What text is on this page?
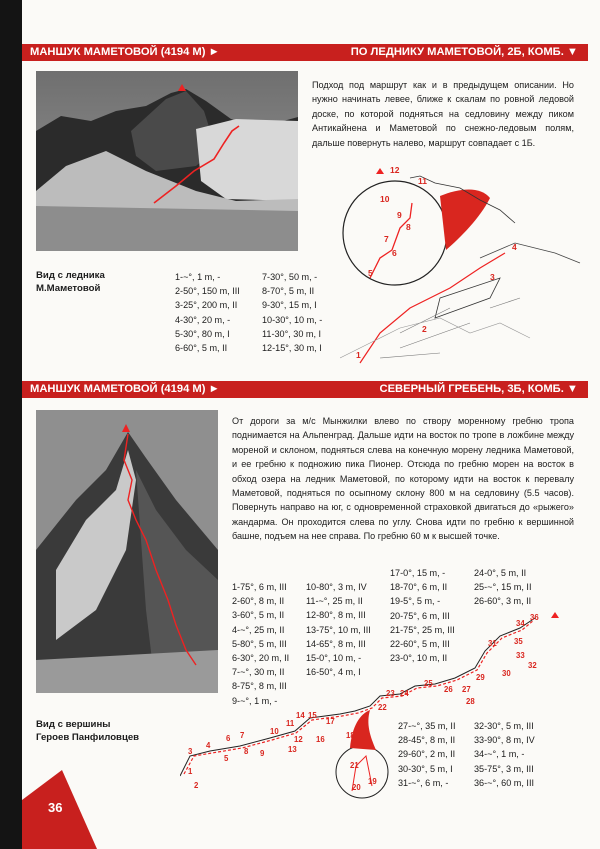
МАНШУК МАМЕТОВОЙ (4194 М) ►	ПО ЛЕДНИКУ МАМЕТОВОЙ, 2Б, КОМБ. ▼
Вид с ледника
М.Маметовой
Подход под маршрут как и в предыдущем описании. Но нужно начинать левее, ближе к скалам по ровной ледовой доске, по которой подняться на седловину между пиком Антикайнена и Маметовой по снежно-ледовым полям, дальше повернуть налево, маршрут совпадает с 1Б.
1-~°, 1 m, -
2-50°, 150 m, III
3-25°, 200 m, II
4-30°, 20 m, -
5-30°, 80 m, I
6-60°, 5 m, II
7-30°, 50 m, -
8-70°, 5 m, II
9-30°, 15 m, I
10-30°, 10 m, -
11-30°, 30 m, I
12-15°, 30 m, I
1
2
3
4
5
6
7
8
9
10
11
12
МАНШУК МАМЕТОВОЙ (4194 М) ►	СЕВЕРНЫЙ ГРЕБЕНЬ, 3Б, КОМБ. ▼
Вид с вершины
Героев Панфиловцев
От дороги за м/с Мынжилки влево по створу моренному гребню тропа поднимается на Альпенград. Дальше идти на восток по тропе в ложбине между мореной и склоном, подняться слева на конечную морену ледника Маметовой, и ее гребню к подножию пика Пионер. Отсюда по гребню морен на восток в обход озера на ледник Маметовой, по которому идти на восток к перевалу Маметовой, подняться по осыпному склону 800 м на седловину (5.5 часов). Повернуть направо на юг, с одновременной страховкой двигаться до «рыжего» жандарма. Он проходится слева по углу. Снова идти по гребню к вершинной башне, подъем на нее справа. По гребню 60 м к высшей точке.
1-75°, 6 m, III
2-60°, 8 m, II
3-60°, 5 m, II
4-~°, 25 m, II
5-80°, 5 m, III
6-30°, 20 m, II
7-~°, 30 m, II
8-75°, 8 m, III
9-~°, 1 m, -
10-80°, 3 m, IV
11-~°, 25 m, II
12-80°, 8 m, III
13-75°, 10 m, III
14-65°, 8 m, III
15-0°, 10 m, -
16-50°, 4 m, I
17-0°, 15 m, -
18-70°, 6 m, II
19-5°, 5 m, -
20-75°, 6 m, III
21-75°, 25 m, III
22-60°, 5 m, III
23-0°, 10 m, II
24-0°, 5 m, II
25-~°, 15 m, II
26-60°, 3 m, II
27-~°, 35 m, II
28-45°, 8 m, II
29-60°, 2 m, II
30-30°, 5 m, I
31-~°, 6 m, -
32-30°, 5 m, III
33-90°, 8 m, IV
34-~°, 1 m, -
35-75°, 3 m, III
36-~°, 60 m, III
1
2
3
4
5
6 7
8 9
10
11
12
13
14 15
16
17
18
19
20
21
22
23 24
25
26 27
28
29 30
31
32
33
34
35
36
36
